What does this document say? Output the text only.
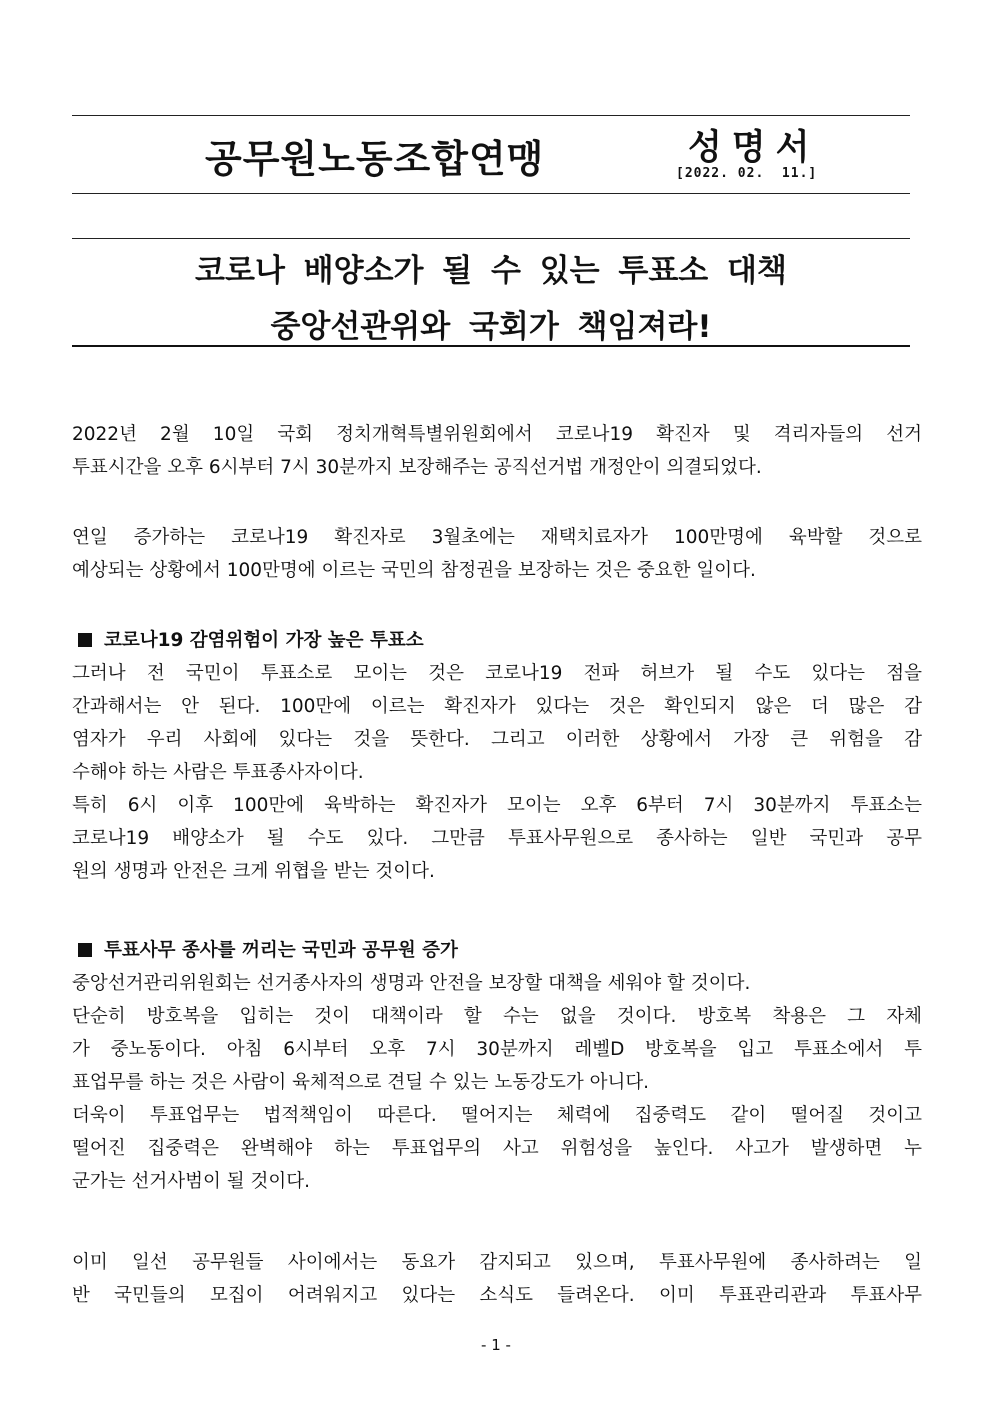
공무원노동조합연맹	성명서
[2022. 02.  11.]
코로나 배양소가 될 수 있는 투표소 대책
중앙선관위와 국회가 책임져라!
2022년 2월 10일 국회 정치개혁특별위원회에서 코로나19 확진자 및 격리자들의 선거
투표시간을 오후 6시부터 7시 30분까지 보장해주는 공직선거법 개정안이 의결되었다.
연일 증가하는 코로나19 확진자로 3월초에는 재택치료자가 100만명에 육박할 것으로
예상되는 상황에서 100만명에 이르는 국민의 참정권을 보장하는 것은 중요한 일이다.
코로나19 감염위험이 가장 높은 투표소
그러나 전 국민이 투표소로 모이는 것은 코로나19 전파 허브가 될 수도 있다는 점을
간과해서는 안 된다. 100만에 이르는 확진자가 있다는 것은 확인되지 않은 더 많은 감
염자가 우리 사회에 있다는 것을 뜻한다. 그리고 이러한 상황에서 가장 큰 위험을 감
수해야 하는 사람은 투표종사자이다.
특히 6시 이후 100만에 육박하는 확진자가 모이는 오후 6부터 7시 30분까지 투표소는
코로나19 배양소가 될 수도 있다. 그만큼 투표사무원으로 종사하는 일반 국민과 공무
원의 생명과 안전은 크게 위협을 받는 것이다.
투표사무 종사를 꺼리는 국민과 공무원 증가
중앙선거관리위원회는 선거종사자의 생명과 안전을 보장할 대책을 세워야 할 것이다.
단순히 방호복을 입히는 것이 대책이라 할 수는 없을 것이다. 방호복 착용은 그 자체
가 중노동이다. 아침 6시부터 오후 7시 30분까지 레벨D 방호복을 입고 투표소에서 투
표업무를 하는 것은 사람이 육체적으로 견딜 수 있는 노동강도가 아니다.
더욱이 투표업무는 법적책임이 따른다. 떨어지는 체력에 집중력도 같이 떨어질 것이고
떨어진 집중력은 완벽해야 하는 투표업무의 사고 위험성을 높인다. 사고가 발생하면 누
군가는 선거사범이 될 것이다.
이미 일선 공무원들 사이에서는 동요가 감지되고 있으며, 투표사무원에 종사하려는 일
반 국민들의 모집이 어려워지고 있다는 소식도 들려온다. 이미 투표관리관과 투표사무
- 1 -
